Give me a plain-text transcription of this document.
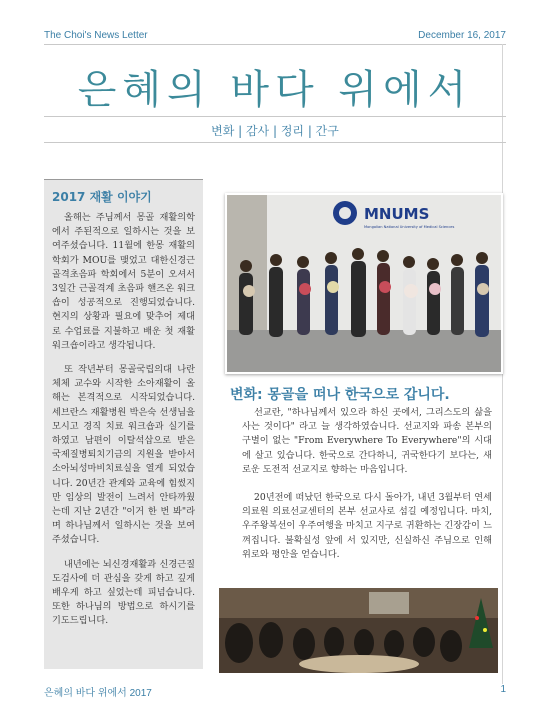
The Choi's News Letter	December 16, 2017
은혜의 바다 위에서
변화 | 감사 | 정리 | 간구
2017 재활 이야기

올해는 주님께서 몽골 재활의학에서 주된적으로 일하시는 것을 보여주셨습니다. 11월에 한몽 재활의학회가 MOU를 맺었고 대한신경근골격초음파 학회에서 5분이 오셔서 3일간 근골격계 초음파 핸즈온 워크숍이 성공적으로 진행되었습니다. 현지의 상황과 필요에 맞추어 제대로 수업료를 지불하고 배운 첫 재활 워크숍이라고 생각됩니다.

또 작년부터 몽골국립의대 나란체체 교수와 시작한 소아재활이 올해는 본격적으로 시작되었습니다. 세브란스 재활병원 박은숙 선생님을 모시고 경직 치료 워크숍과 실기를 하였고 남편이 이탈석삽으로 받은 국제질병퇴치기금의 지원을 받아서 소아뇌성마비치료실을 열게 되었습니다. 20년간 관계와 교육에 힘썼지만 임상의 발전이 느려서 안타까웠는데 지난 2년간 "이거 한 번 봐"라며 하나님께서 일하시는 것을 보여주셨습니다.

내년에는 뇌신경재활과 신경근질도검사에 더 관심을 갖게 하고 깊게 배우게 하고 싶었는데 피넘습니다. 또한 하나님의 방법으로 하시기를 기도드립니다.

MNUMS
Mongolian National University of Medical Sciences
변화: 몽골을 떠나 한국으로 갑니다.

선교란, "하나님께서 있으라 하신 곳에서, 그리스도의 삶을 사는 것이다" 라고 늘 생각하였습니다. 선교지와 파송 본부의 구별이 없는 "From Everywhere To Everywhere"의 시대에 살고 있습니다. 한국으로 간다하니, 귀국한다기 보다는, 새로운 도전적 선교지로 향하는 마음입니다.

20년전에 떠났던 한국으로 다시 돌아가, 내년 3월부터 연세의료원 의료선교센터의 본부 선교사로 섬길 예정입니다. 마치, 우주왕복선이 우주여행을 마치고 지구로 귀환하는 긴장감이 느껴집니다. 불확실성 앞에 서 있지만, 신실하신 주님으로 인해 위로와 평안을 얻습니다.

은혜의 바다 위에서 2017	1
